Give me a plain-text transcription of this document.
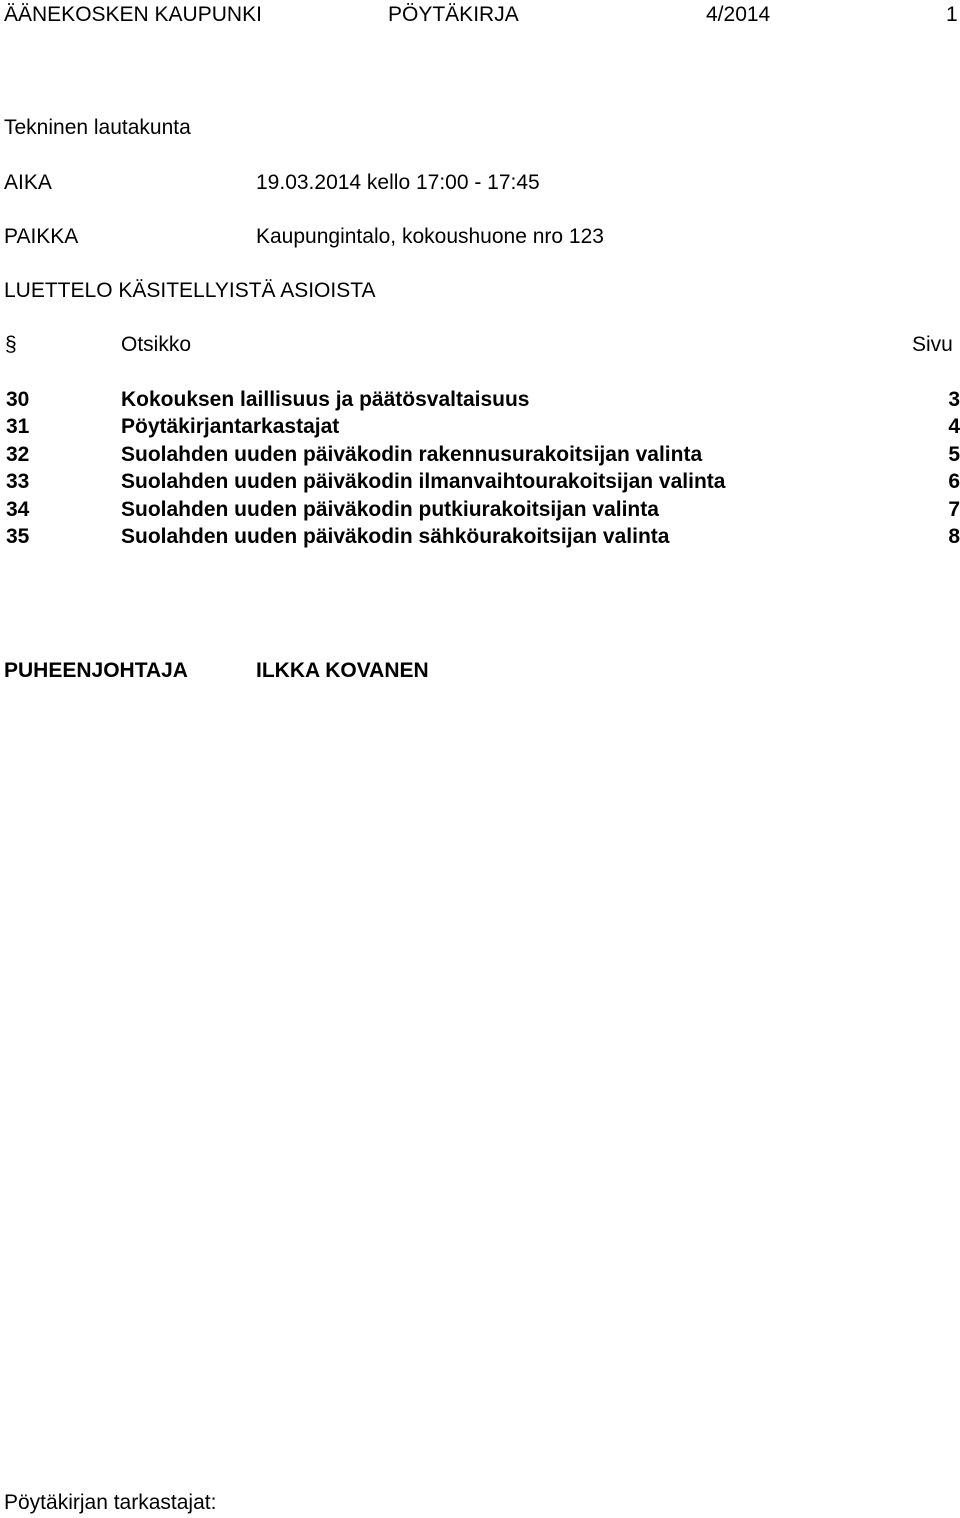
ÄÄNEKOSKEN KAUPUNKI	PÖYTÄKIRJA	4/2014	1
Tekninen lautakunta
AIKA	19.03.2014 kello 17:00 - 17:45
PAIKKA	Kaupungintalo, kokoushuone nro 123
LUETTELO KÄSITELLYISTÄ ASIOISTA
§	Otsikko	Sivu
30	Kokouksen laillisuus ja päätösvaltaisuus	3
31	Pöytäkirjantarkastajat	4
32	Suolahden uuden päiväkodin rakennusurakoitsijan valinta	5
33	Suolahden uuden päiväkodin ilmanvaihtourakoitsijan valinta	6
34	Suolahden uuden päiväkodin putkiurakoitsijan valinta	7
35	Suolahden uuden päiväkodin sähköurakoitsijan valinta	8
PUHEENJOHTAJA	ILKKA KOVANEN
Pöytäkirjan tarkastajat:
